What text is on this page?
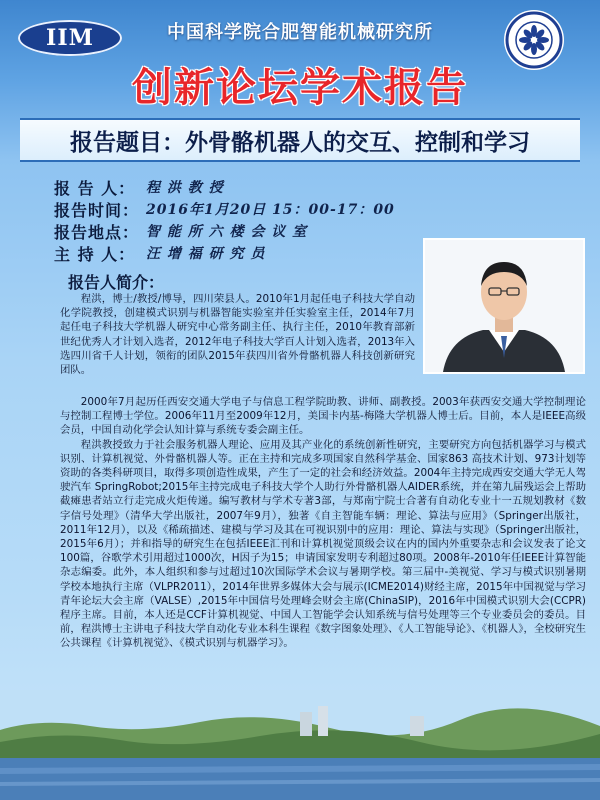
IIM	中国科学院合肥智能机械研究所
创新论坛学术报告
报告题目：外骨骼机器人的交互、控制和学习
报 告 人： 程 洪 教 授
报告时间： 2016年1月20日 15：00-17：00
报告地点： 智 能 所 六 楼 会 议 室
主 持 人： 汪 增 福 研 究 员
报告人简介：

程洪，博士/教授/博导，四川荣县人。2010年1月起任电子科技大学自动化学院教授，创建模式识别与机器智能实验室并任实验室主任，2014年7月起任电子科技大学机器人研究中心常务副主任、执行主任，2010年教育部新世纪优秀人才计划入选者，2012年电子科技大学百人计划入选者，2013年入选四川省千人计划，领衔的团队2015年获四川省外骨骼机器人科技创新研究团队。

2000年7月起历任西安交通大学电子与信息工程学院助教、讲师、副教授。2003年获西安交通大学控制理论与控制工程博士学位。2006年11月至2009年12月，美国卡内基-梅隆大学机器人博士后。目前，本人是IEEE高级会员，中国自动化学会认知计算与系统专委会副主任。

程洪教授致力于社会服务机器人理论、应用及其产业化的系统创新性研究，主要研究方向包括机器学习与模式识别、计算机视觉、外骨骼机器人等。正在主持和完成多项国家自然科学基金、国家863 高技术计划、973计划等资助的各类科研项目，取得多项创造性成果，产生了一定的社会和经济效益。2004年主持完成西安交通大学无人驾驶汽车 SpringRobot;2015年主持完成电子科技大学个人助行外骨骼机器人AIDER系统，并在第九届残运会上帮助截瘫患者站立行走完成火炬传递。编写教材与学术专著3部，与郑南宁院士合著有自动化专业十一五规划教材《数字信号处理》（清华大学出版社，2007年9月），独著《自主智能车辆：理论、算法与应用》（Springer出版社，2011年12月），以及《稀疏描述、建模与学习及其在可视识别中的应用：理论、算法与实现》（Springer出版社，2015年6月）；并和指导的研究生在包括IEEE汇刊和计算机视觉顶级会议在内的国内外重要杂志和会议发表了论文100篇，谷歌学术引用超过1000次，H因子为15；申请国家发明专利超过80项。2008年-2010年任IEEE计算智能杂志编委。此外，本人组织和参与过超过10次国际学术会议与暑期学校。第三届中-美视觉、学习与模式识别暑期学校本地执行主席（VLPR2011），2014年世界多媒体大会与展示(ICME2014)财经主席，2015年中国视觉与学习青年论坛大会主席（VALSE）,2015年中国信号处理峰会财会主席(ChinaSIP)，2016年中国模式识别大会(CCPR)程序主席。目前，本人还是CCF计算机视觉、中国人工智能学会认知系统与信号处理等三个专业委员会的委员。目前，程洪博士主讲电子科技大学自动化专业本科生课程《数字图象处理》、《人工智能导论》、《机器人》，全校研究生公共课程《计算机视觉》、《模式识别与机器学习》。
